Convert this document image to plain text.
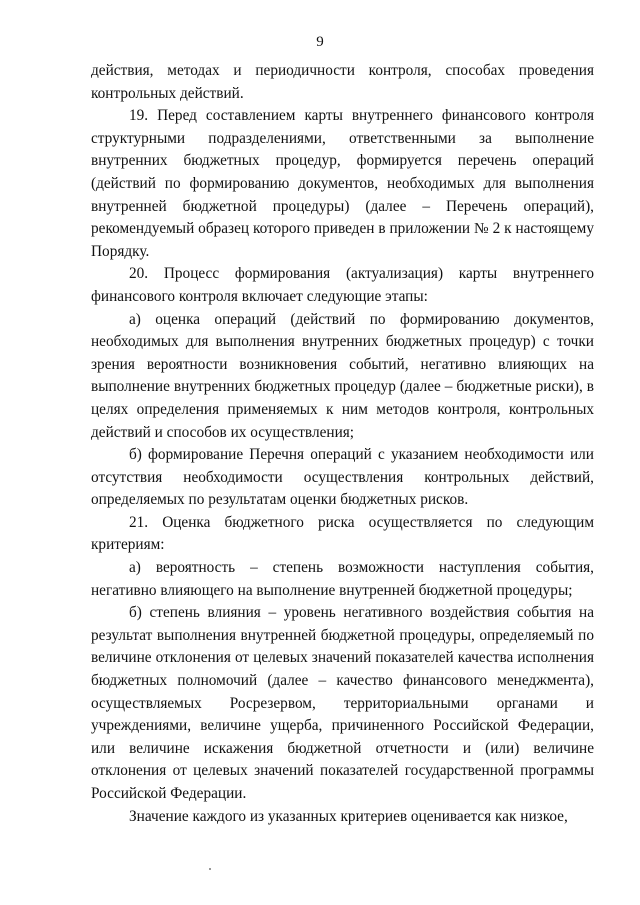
9

действия, методах и периодичности контроля, способах проведения контрольных действий.

19. Перед составлением карты внутреннего финансового контроля структурными подразделениями, ответственными за выполнение внутренних бюджетных процедур, формируется перечень операций (действий по формированию документов, необходимых для выполнения внутренней бюджетной процедуры) (далее – Перечень операций), рекомендуемый образец которого приведен в приложении № 2 к настоящему Порядку.

20. Процесс формирования (актуализация) карты внутреннего финансового контроля включает следующие этапы:

а) оценка операций (действий по формированию документов, необходимых для выполнения внутренних бюджетных процедур) с точки зрения вероятности возникновения событий, негативно влияющих на выполнение внутренних бюджетных процедур (далее – бюджетные риски), в целях определения применяемых к ним методов контроля, контрольных действий и способов их осуществления;

б) формирование Перечня операций с указанием необходимости или отсутствия необходимости осуществления контрольных действий, определяемых по результатам оценки бюджетных рисков.

21. Оценка бюджетного риска осуществляется по следующим критериям:

а) вероятность – степень возможности наступления события, негативно влияющего на выполнение внутренней бюджетной процедуры;

б) степень влияния – уровень негативного воздействия события на результат выполнения внутренней бюджетной процедуры, определяемый по величине отклонения от целевых значений показателей качества исполнения бюджетных полномочий (далее – качество финансового менеджмента), осуществляемых Росрезервом, территориальными органами и учреждениями, величине ущерба, причиненного Российской Федерации, или величине искажения бюджетной отчетности и (или) величине отклонения от целевых значений показателей государственной программы Российской Федерации.

Значение каждого из указанных критериев оценивается как низкое,
